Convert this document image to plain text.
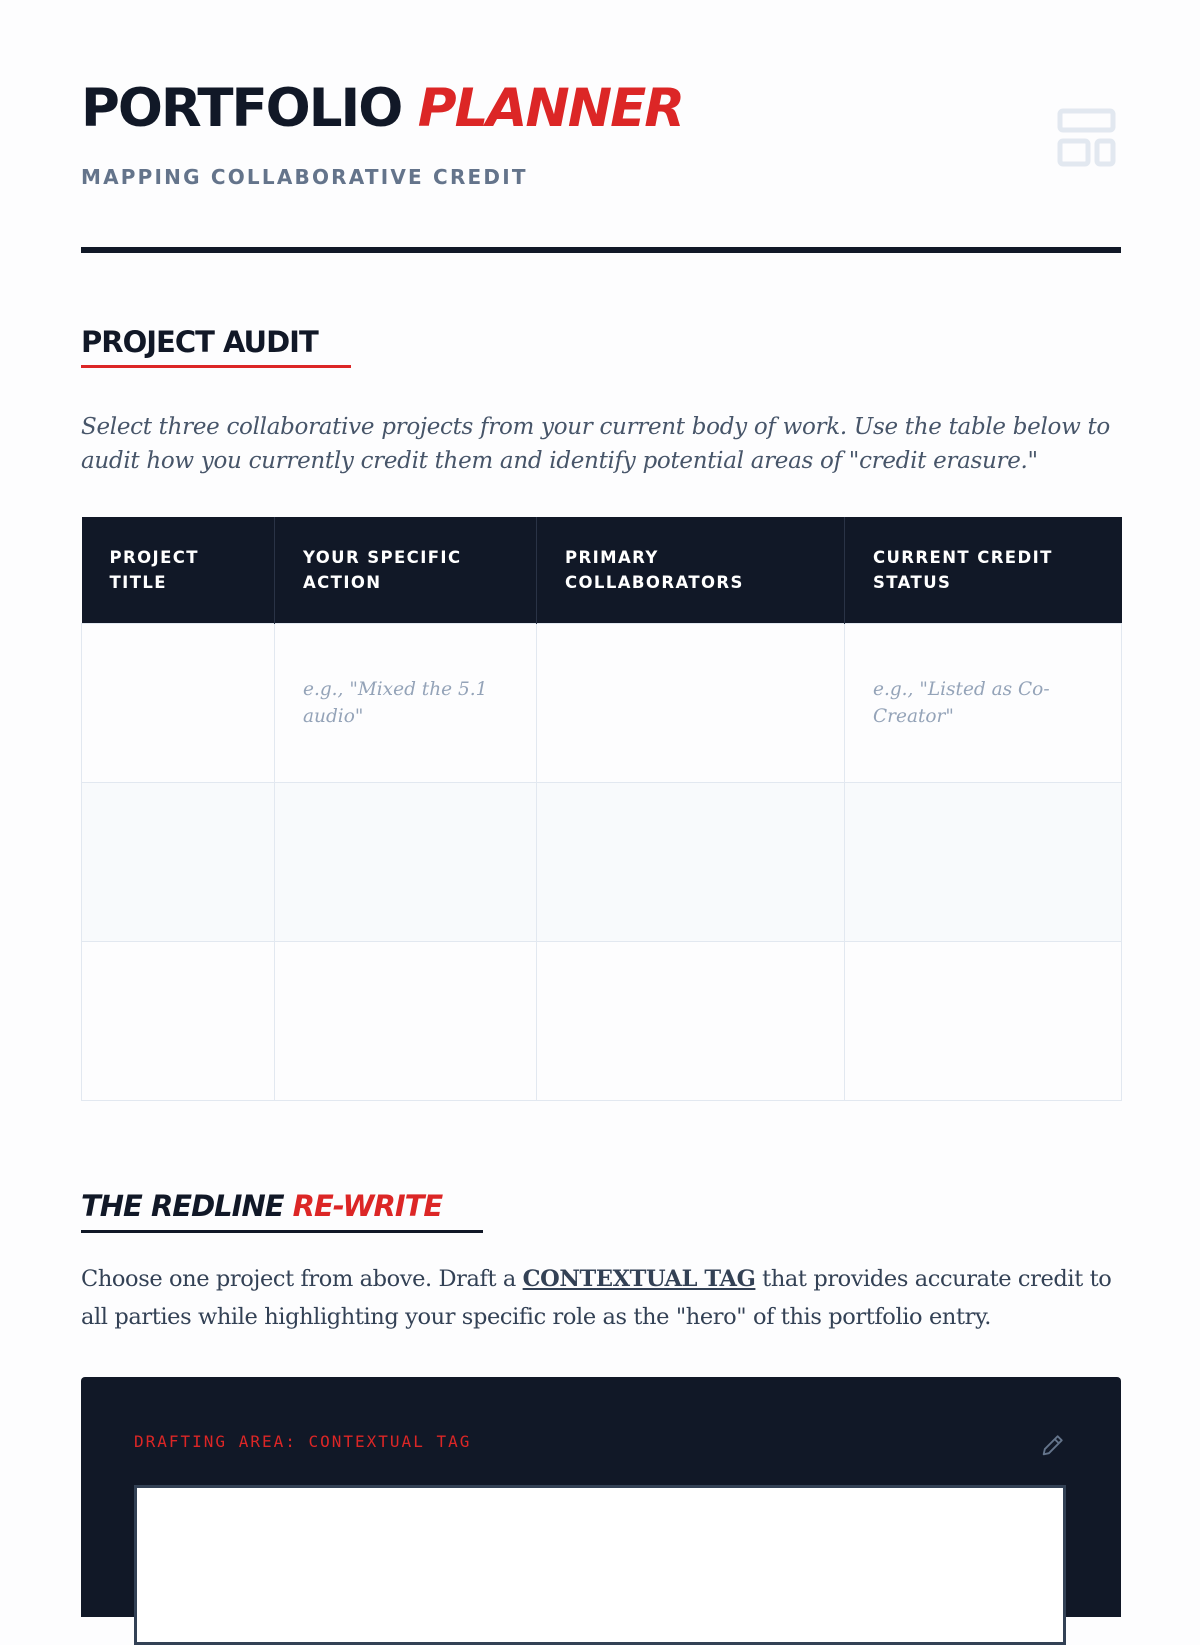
PORTFOLIO PLANNER

MAPPING COLLABORATIVE CREDIT

PROJECT AUDIT

Select three collaborative projects from your current body of work. Use the table below to audit how you currently credit them and identify potential areas of "credit erasure."

PROJECT TITLE	YOUR SPECIFIC ACTION	PRIMARY COLLABORATORS	CURRENT CREDIT STATUS
	e.g., "Mixed the 5.1 audio"		e.g., "Listed as Co-Creator"

THE REDLINE RE-WRITE

Choose one project from above. Draft a CONTEXTUAL TAG that provides accurate credit to all parties while highlighting your specific role as the "hero" of this portfolio entry.

DRAFTING AREA: CONTEXTUAL TAG
